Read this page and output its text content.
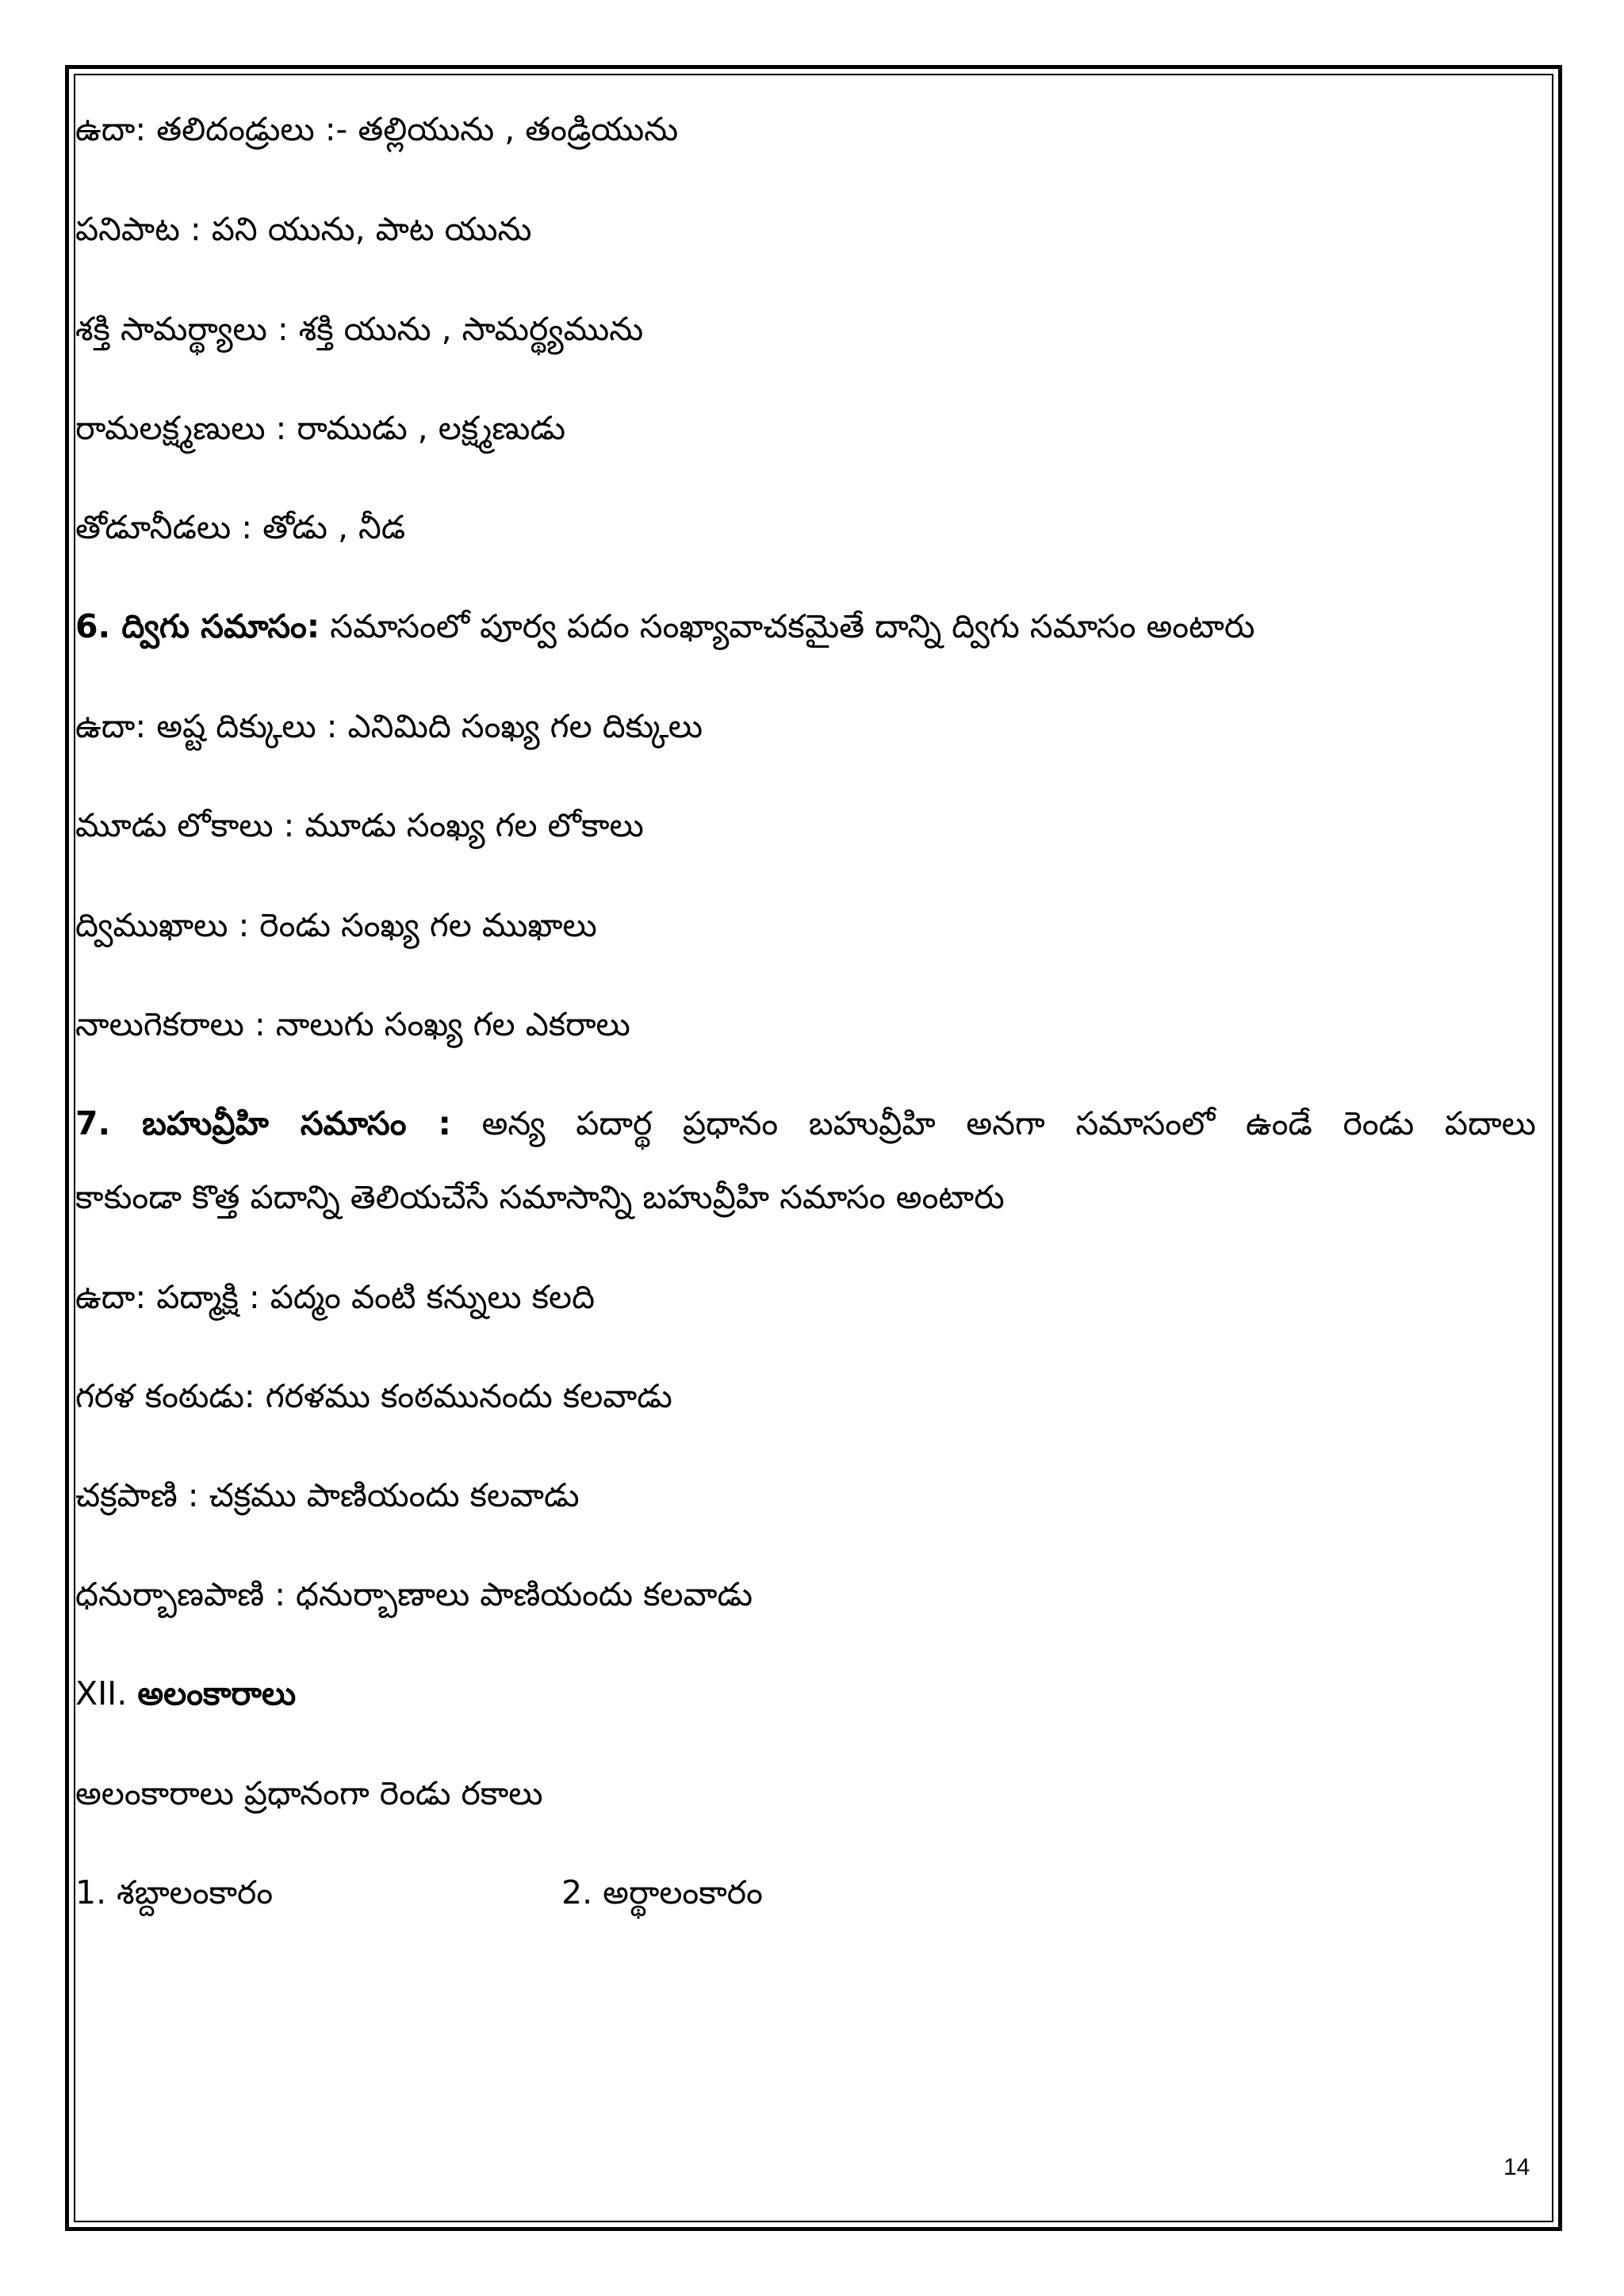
ఉదా: తలిదండ్రులు :- తల్లియును , తండ్రియును
పనిపాట : పని యును, పాట యును
శక్తి సామర్థ్యాలు : శక్తి యును , సామర్థ్యమును
రామలక్ష్మణులు : రాముడు , లక్ష్మణుడు
తోడూనీడలు : తోడు , నీడ
6. ద్విగు సమాసం: సమాసంలో పూర్వ పదం సంఖ్యావాచకమైతే దాన్ని ద్విగు సమాసం అంటారు
ఉదా: అష్ట దిక్కులు : ఎనిమిది సంఖ్య గల దిక్కులు
మూడు లోకాలు : మూడు సంఖ్య గల లోకాలు
ద్విముఖాలు : రెండు సంఖ్య గల ముఖాలు
నాలుగెకరాలు : నాలుగు సంఖ్య గల ఎకరాలు
7. బహువ్రీహి సమాసం : అన్య పదార్థ ప్రధానం బహువ్రీహి అనగా సమాసంలో ఉండే రెండు పదాలు
కాకుండా కొత్త పదాన్ని తెలియచేసే సమాసాన్ని బహువ్రీహి సమాసం అంటారు
ఉదా: పద్మాక్షి : పద్మం వంటి కన్నులు కలది
గరళ కంఠుడు: గరళము కంఠమునందు కలవాడు
చక్రపాణి : చక్రము పాణియందు కలవాడు
ధనుర్బాణపాణి : ధనుర్బాణాలు పాణియందు కలవాడు
XII. అలంకారాలు
అలంకారాలు ప్రధానంగా రెండు రకాలు
1. శబ్దాలంకారం	2. అర్థాలంకారం
14
